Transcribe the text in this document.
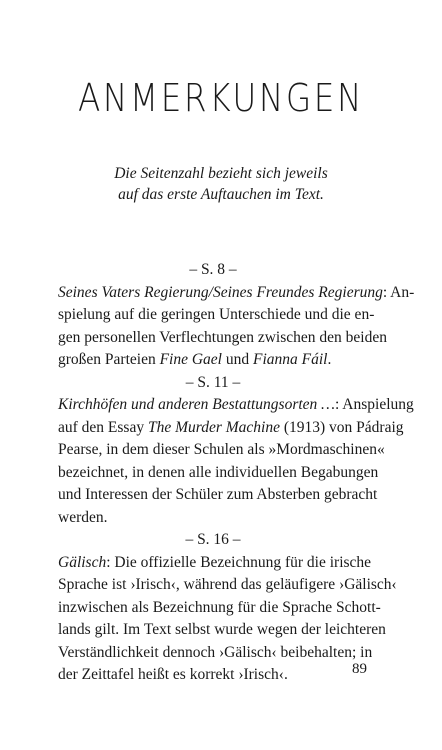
ANMERKUNGEN
Die Seitenzahl bezieht sich jeweils
auf das erste Auftauchen im Text.
– S. 8 –
Seines Vaters Regierung/Seines Freundes Regierung: An-
spielung auf die geringen Unterschiede und die en-
gen personellen Verflechtungen zwischen den beiden
großen Parteien Fine Gael und Fianna Fáil.
– S. 11 –
Kirchhöfen und anderen Bestattungsorten …: Anspielung
auf den Essay The Murder Machine (1913) von Pádraig
Pearse, in dem dieser Schulen als »Mordmaschinen«
bezeichnet, in denen alle individuellen Begabungen
und Interessen der Schüler zum Absterben gebracht
werden.
– S. 16 –
Gälisch: Die offizielle Bezeichnung für die irische
Sprache ist ›Irisch‹, während das geläufigere ›Gälisch‹
inzwischen als Bezeichnung für die Sprache Schott-
lands gilt. Im Text selbst wurde wegen der leichteren
Verständlichkeit dennoch ›Gälisch‹ beibehalten; in
der Zeittafel heißt es korrekt ›Irisch‹.	89
